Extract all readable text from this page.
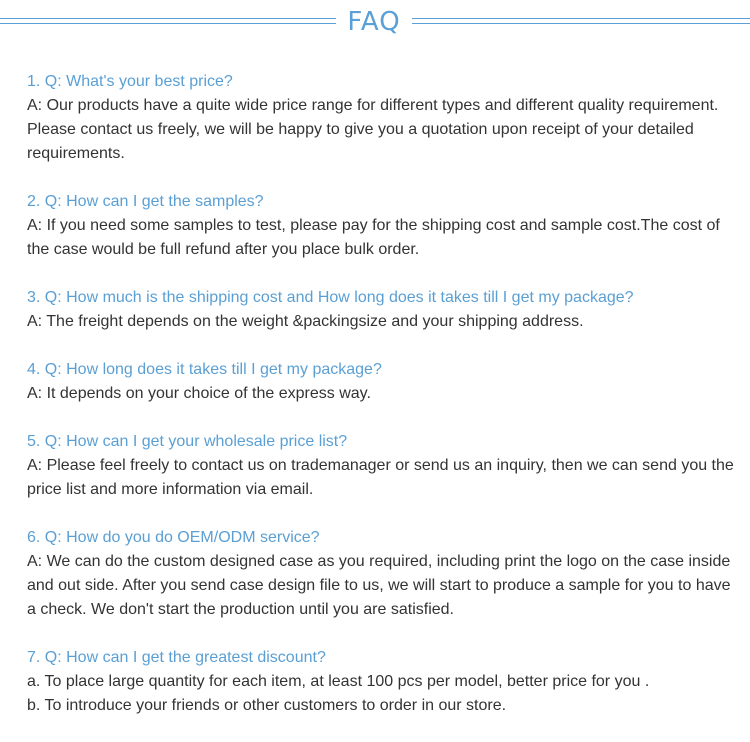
FAQ
1. Q: What's your best price?

A: Our products have a quite wide price range for different types and different quality requirement. Please contact us freely, we will be happy to give you a quotation upon receipt of your detailed requirements.

2. Q: How can I get the samples?

A: If you need some samples to test, please pay for the shipping cost and sample cost.The cost of the case would be full refund after you place bulk order.

3. Q: How much is the shipping cost and How long does it takes till I get my package?

A: The freight depends on the weight &packingsize and your shipping address.

4. Q: How long does it takes till I get my package?

A: It depends on your choice of the express way.

5. Q: How can I get your wholesale price list?

A: Please feel freely to contact us on trademanager or send us an inquiry, then we can send you the price list and more information via email.

6. Q: How do you do OEM/ODM service?

A: We can do the custom designed case as you required, including print the logo on the case inside and out side. After you send case design file to us, we will start to produce a sample for you to have a check. We don't start the production until you are satisfied.

7. Q: How can I get the greatest discount?

a. To place large quantity for each item, at least 100 pcs per model, better price for you .

b. To introduce your friends or other customers to order in our store.
